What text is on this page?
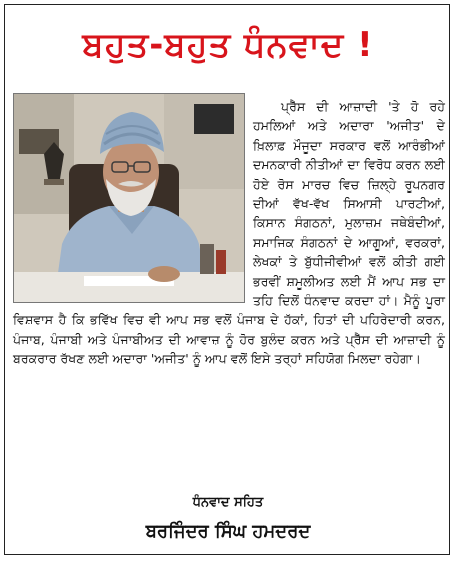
ਬਹੁਤ-ਬਹੁਤ ਧੰਨਵਾਦ !

ਪ੍ਰੈੱਸ ਦੀ ਆਜ਼ਾਦੀ 'ਤੇ ਹੋ ਰਹੇ ਹਮਲਿਆਂ ਅਤੇ ਅਦਾਰਾ 'ਅਜੀਤ' ਦੇ ਖ਼ਿਲਾਫ਼ ਮੌਜੂਦਾ ਸਰਕਾਰ ਵਲੋਂ ਆਰੰਭੀਆਂ ਦਮਨਕਾਰੀ ਨੀਤੀਆਂ ਦਾ ਵਿਰੋਧ ਕਰਨ ਲਈ ਹੋਏ ਰੋਸ ਮਾਰਚ ਵਿਚ ਜ਼ਿਲ੍ਹੇ ਰੂਪਨਗਰ ਦੀਆਂ ਵੱਖ-ਵੱਖ ਸਿਆਸੀ ਪਾਰਟੀਆਂ, ਕਿਸਾਨ ਸੰਗਠਨਾਂ, ਮੁਲਾਜ਼ਮ ਜਥੇਬੰਦੀਆਂ, ਸਮਾਜਿਕ ਸੰਗਠਨਾਂ ਦੇ ਆਗੂਆਂ, ਵਰਕਰਾਂ, ਲੇਖਕਾਂ ਤੇ ਬੁੱਧੀਜੀਵੀਆਂ ਵਲੋਂ ਕੀਤੀ ਗਈ ਭਰਵੀਂ ਸ਼ਮੂਲੀਅਤ ਲਈ ਮੈਂ ਆਪ ਸਭ ਦਾ ਤਹਿ ਦਿਲੋਂ ਧੰਨਵਾਦ ਕਰਦਾ ਹਾਂ। ਮੈਨੂੰ ਪੂਰਾ ਵਿਸ਼ਵਾਸ ਹੈ ਕਿ ਭਵਿੱਖ ਵਿਚ ਵੀ ਆਪ ਸਭ ਵਲੋਂ ਪੰਜਾਬ ਦੇ ਹੱਕਾਂ, ਹਿਤਾਂ ਦੀ ਪਹਿਰੇਦਾਰੀ ਕਰਨ, ਪੰਜਾਬ, ਪੰਜਾਬੀ ਅਤੇ ਪੰਜਾਬੀਅਤ ਦੀ ਆਵਾਜ਼ ਨੂੰ ਹੋਰ ਬੁਲੰਦ ਕਰਨ ਅਤੇ ਪ੍ਰੈੱਸ ਦੀ ਆਜ਼ਾਦੀ ਨੂੰ ਬਰਕਰਾਰ ਰੱਖਣ ਲਈ ਅਦਾਰਾ 'ਅਜੀਤ' ਨੂੰ ਆਪ ਵਲੋਂ ਇਸੇ ਤਰ੍ਹਾਂ ਸਹਿਯੋਗ ਮਿਲਦਾ ਰਹੇਗਾ।

ਧੰਨਵਾਦ ਸਹਿਤ
ਬਰਜਿੰਦਰ ਸਿੰਘ ਹਮਦਰਦ
